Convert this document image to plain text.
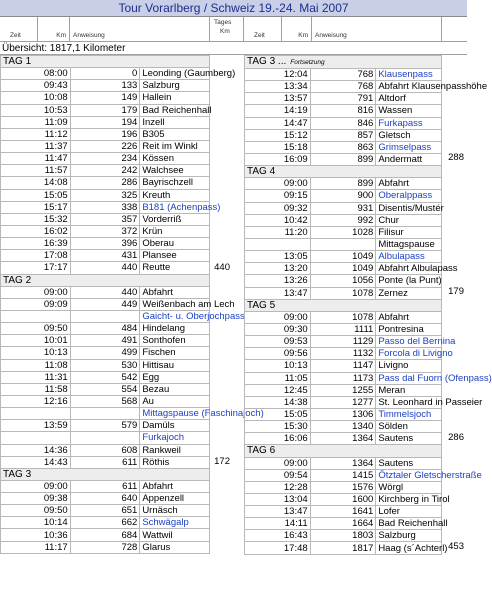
Tour Vorarlberg / Schweiz 19.-24. Mai 2007
Zeit	Km Anweisung
Tages
Km
Zeit	Km Anweisung
Übersicht: 1817,1 Kilometer
TAG 1		
08:00	0	Leonding (Gaumberg)
09:43	133	Salzburg
10:08	149	Hallein
10:53	179	Bad Reichenhall
11:09	194	Inzell
11:12	196	B305
11:37	226	Reit im Winkl
11:47	234	Kössen
11:57	242	Walchsee
14:08	286	Bayrischzell
15:05	325	Kreuth
15:17	338	B181 (Achenpass)
15:32	357	Vorderriß
16:02	372	Krün
16:39	396	Oberau
17:08	431	Plansee
17:17	440	Reutte
TAG 2		
09:00	440	Abfahrt
09:09	449	Weißenbach am Lech
		Gaicht- u. Oberjochpass
09:50	484	Hindelang
10:01	491	Sonthofen
10:13	499	Fischen
11:08	530	Hittisau
11:31	542	Egg
11:58	554	Bezau
12:16	568	Au
		Mittagspause (Faschinajoch)
13:59	579	Damüls
		Furkajoch
14:36	608	Rankweil
14:43	611	Röthis
TAG 3		
09:00	611	Abfahrt
09:38	640	Appenzell
09:50	651	Urnäsch
10:14	662	Schwägalp
10:36	684	Wattwil
11:17	728	Glarus
TAG 3 ... Fortsetzung		
12:04	768	Klausenpass
13:34	768	Abfahrt Klausenpasshöhe
13:57	791	Altdorf
14:19	816	Wassen
14:47	846	Furkapass
15:12	857	Gletsch
15:18	863	Grimselpass
16:09	899	Andermatt
TAG 4		
09:00	899	Abfahrt
09:15	900	Oberalppass
09:32	931	Disentis/Mustér
10:42	992	Chur
11:20	1028	Filisur
		Mittagspause
13:05	1049	Albulapass
13:20	1049	Abfahrt Albulapass
13:26	1056	Ponte (la Punt)
13:47	1078	Zernez
TAG 5		
09:00	1078	Abfahrt
09:30	1111	Pontresina
09:53	1129	Passo del Bernina
09:56	1132	Forcola di Livigno
10:13	1147	Livigno
11:05	1173	Pass dal Fuorn (Ofenpass)
12:45	1255	Meran
14:38	1277	St. Leonhard in Passeier
15:05	1306	Timmelsjoch
15:30	1340	Sölden
16:06	1364	Sautens
TAG 6		
09:00	1364	Sautens
09:54	1415	Ötztaler Gletscherstraße
12:28	1576	Wörgl
13:04	1600	Kirchberg in Tirol
13:47	1641	Lofer
14:11	1664	Bad Reichenhall
16:43	1803	Salzburg
17:48	1817	Haag (s´Achterl)
440
172
288
179
286
453
